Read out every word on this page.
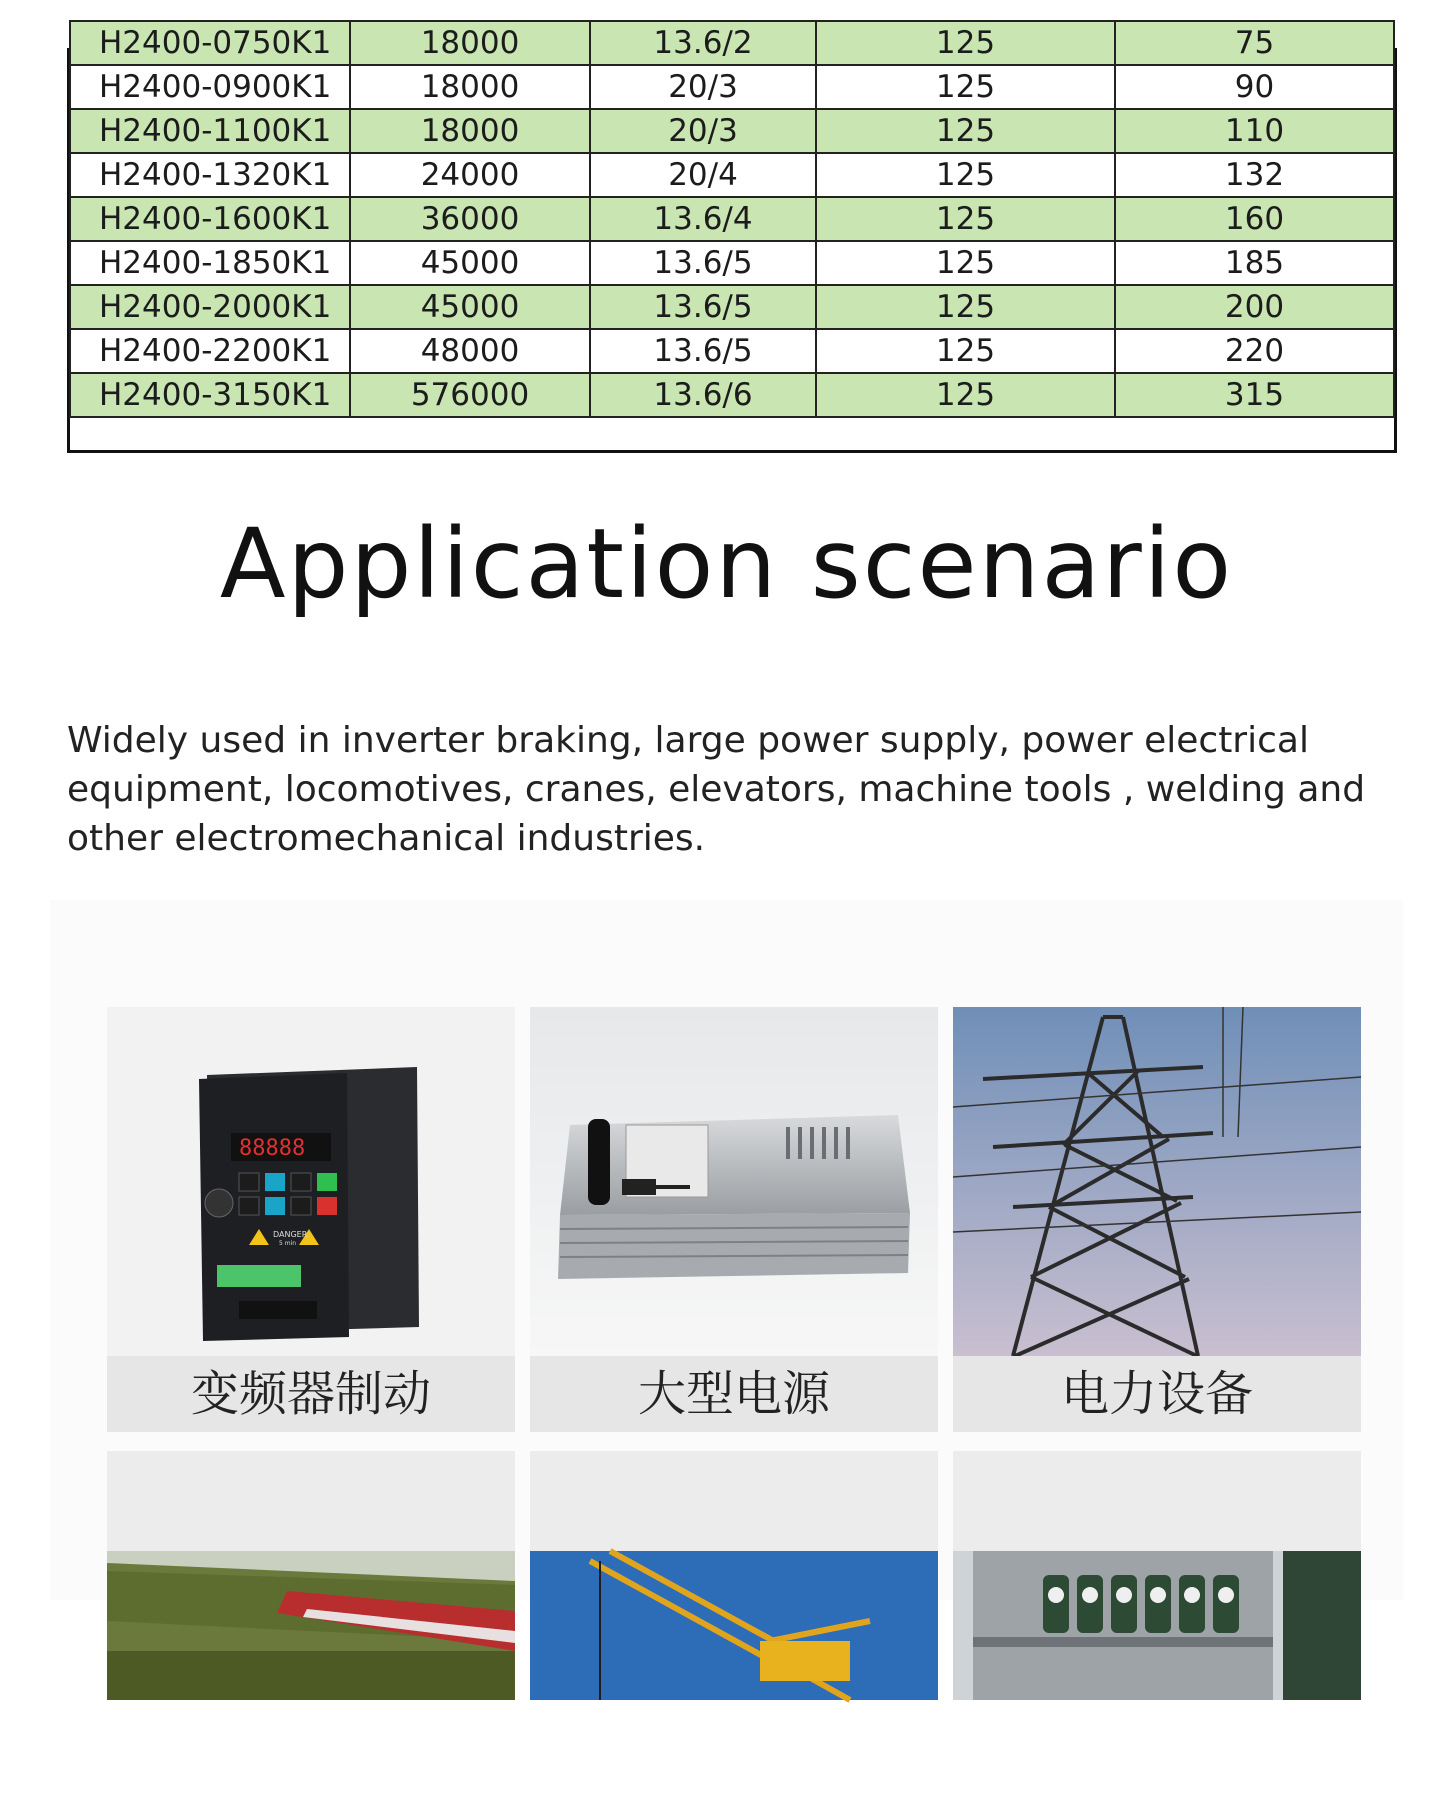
H2400-0750K1	18000	13.6/2	125	75
H2400-0900K1	18000	20/3	125	90
H2400-1100K1	18000	20/3	125	110
H2400-1320K1	24000	20/4	125	132
H2400-1600K1	36000	13.6/4	125	160
H2400-1850K1	45000	13.6/5	125	185
H2400-2000K1	45000	13.6/5	125	200
H2400-2200K1	48000	13.6/5	125	220
H2400-3150K1	576000	13.6/6	125	315
Application scenario

Widely used in inverter braking, large power supply, power electrical equipment, locomotives, cranes, elevators, machine tools , welding and other electromechanical industries.

88888
DANGER
5 min
变频器制动	大型电源	电力设备
